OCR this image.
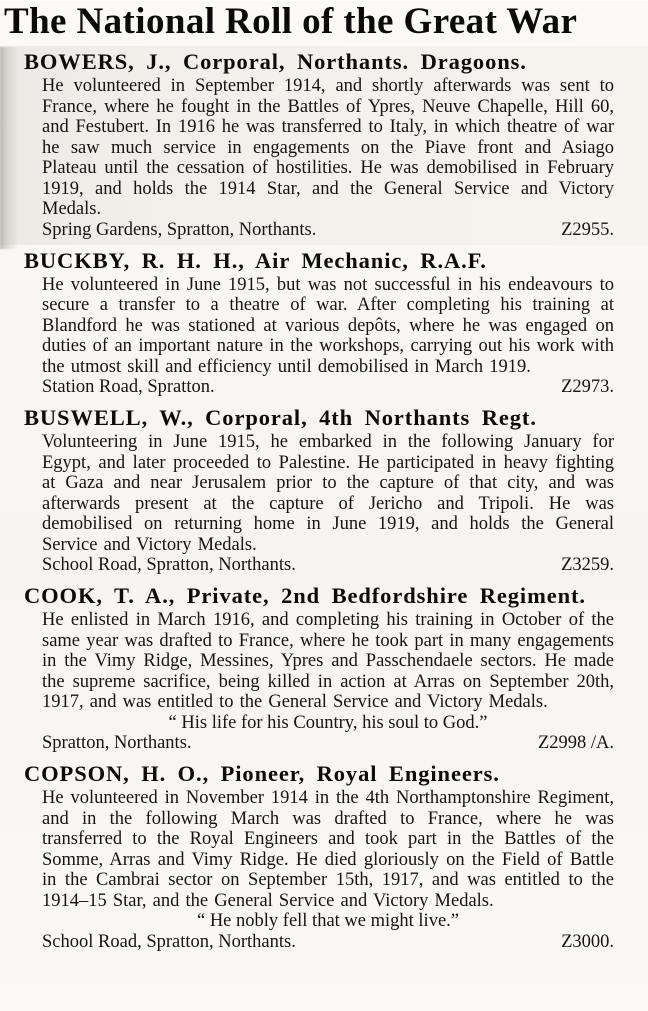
The National Roll of the Great War
BOWERS, J., Corporal, Northants. Dragoons.

He volunteered in September 1914, and shortly afterwards was sent to France, where he fought in the Battles of Ypres, Neuve Chapelle, Hill 60, and Festubert. In 1916 he was transferred to Italy, in which theatre of war he saw much service in engagements on the Piave front and Asiago Plateau until the cessation of hostilities. He was demobilised in February 1919, and holds the 1914 Star, and the General Service and Victory Medals.

Spring Gardens, Spratton, Northants.	Z2955.
BUCKBY, R. H. H., Air Mechanic, R.A.F.

He volunteered in June 1915, but was not successful in his endeavours to secure a transfer to a theatre of war. After completing his training at Blandford he was stationed at various depôts, where he was engaged on duties of an important nature in the workshops, carrying out his work with the utmost skill and efficiency until demobilised in March 1919.

Station Road, Spratton.	Z2973.
BUSWELL, W., Corporal, 4th Northants Regt.

Volunteering in June 1915, he embarked in the following January for Egypt, and later proceeded to Palestine. He participated in heavy fighting at Gaza and near Jerusalem prior to the capture of that city, and was afterwards present at the capture of Jericho and Tripoli. He was demobilised on returning home in June 1919, and holds the General Service and Victory Medals.

School Road, Spratton, Northants.	Z3259.
COOK, T. A., Private, 2nd Bedfordshire Regiment.

He enlisted in March 1916, and completing his training in October of the same year was drafted to France, where he took part in many engagements in the Vimy Ridge, Messines, Ypres and Passchendaele sectors. He made the supreme sacrifice, being killed in action at Arras on September 20th, 1917, and was entitled to the General Service and Victory Medals.

“ His life for his Country, his soul to God.”

Spratton, Northants.	Z2998 /A.
COPSON, H. O., Pioneer, Royal Engineers.

He volunteered in November 1914 in the 4th Northamptonshire Regiment, and in the following March was drafted to France, where he was transferred to the Royal Engineers and took part in the Battles of the Somme, Arras and Vimy Ridge. He died gloriously on the Field of Battle in the Cambrai sector on September 15th, 1917, and was entitled to the 1914–15 Star, and the General Service and Victory Medals.

“ He nobly fell that we might live.”

School Road, Spratton, Northants.	Z3000.
